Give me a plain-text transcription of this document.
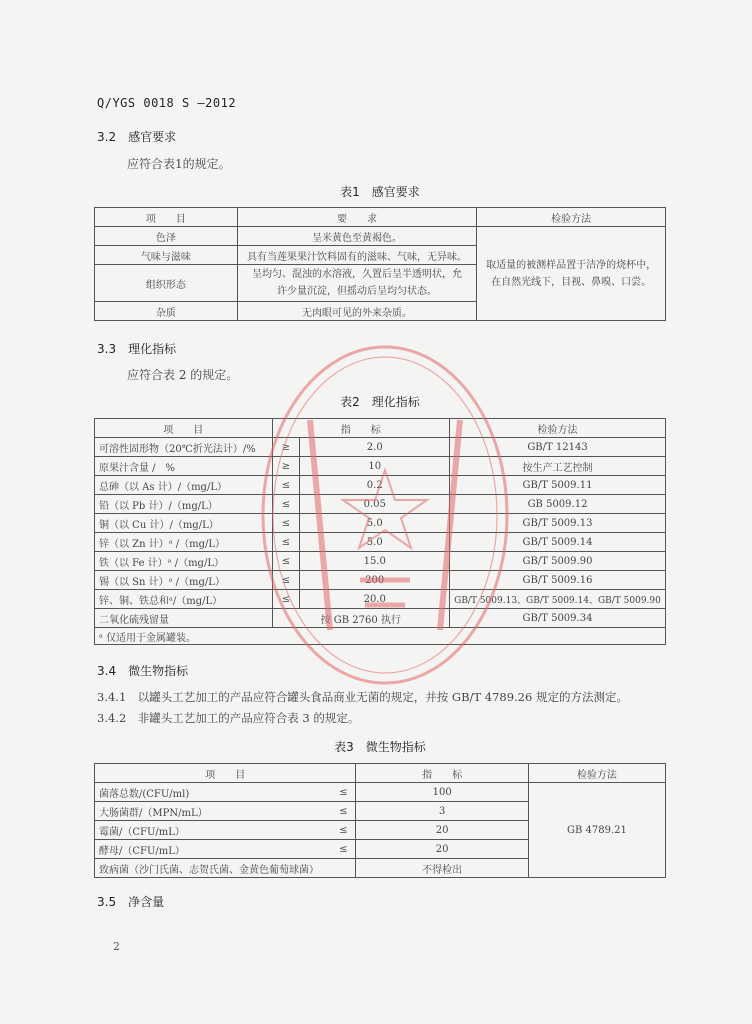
Q/YGS 0018 S —2012
3.2　感官要求
应符合表1的规定。
表1　感官要求
项　　目	要　　求	检验方法
色泽	呈米黄色至黄褐色。	取适量的被测样品置于洁净的烧杯中，
在自然光线下，目视、鼻嗅、口尝。

气味与滋味	具有当莲果果汁饮料固有的滋味、气味，无异味。	
组织形态	呈均匀、混浊的水溶液，久置后呈半透明状，允
许少量沉淀，但摇动后呈均匀状态。	

杂质	无肉眼可见的外来杂质。	
3.3　理化指标
应符合表 2 的规定。
表2　理化指标
项　　目	指　　标		检验方法
可溶性固形物（20℃折光法计）/%	≥	2.0	GB/T 12143
原果汁含量 /　%	≥	10	按生产工艺控制
总砷（以 As 计）/（mg/L）	≤	0.2	GB/T 5009.11
铅（以 Pb 计）/（mg/L）	≤	0.05	GB 5009.12
铜（以 Cu 计）/（mg/L）	≤	5.0	GB/T 5009.13
锌（以 Zn 计）ᵃ /（mg/L）	≤	5.0	GB/T 5009.14
铁（以 Fe 计）ᵃ /（mg/L）	≤	15.0	GB/T 5009.90
锡（以 Sn 计）ᵃ /（mg/L）	≤	200	GB/T 5009.16
锌、铜、铁总和ᵃ/（mg/L）	≤	20.0	GB/T 5009.13、GB/T 5009.14、GB/T 5009.90
二氧化硫残留量	按 GB 2760 执行		GB/T 5009.34
ᵃ 仅适用于金属罐装。			
3.4　微生物指标
3.4.1　以罐头工艺加工的产品应符合罐头食品商业无菌的规定，并按 GB/T 4789.26 规定的方法测定。
3.4.2　非罐头工艺加工的产品应符合表 3 的规定。
表3　微生物指标
项　　目		指　　标	检验方法
菌落总数/(CFU/ml)	≤	100	GB 4789.21
大肠菌群/（MPN/mL）	≤	3	
霉菌/（CFU/mL）	≤	20	
酵母/（CFU/mL）	≤	20	
致病菌（沙门氏菌、志贺氏菌、金黄色葡萄球菌）		不得检出	
3.5　净含量
2
